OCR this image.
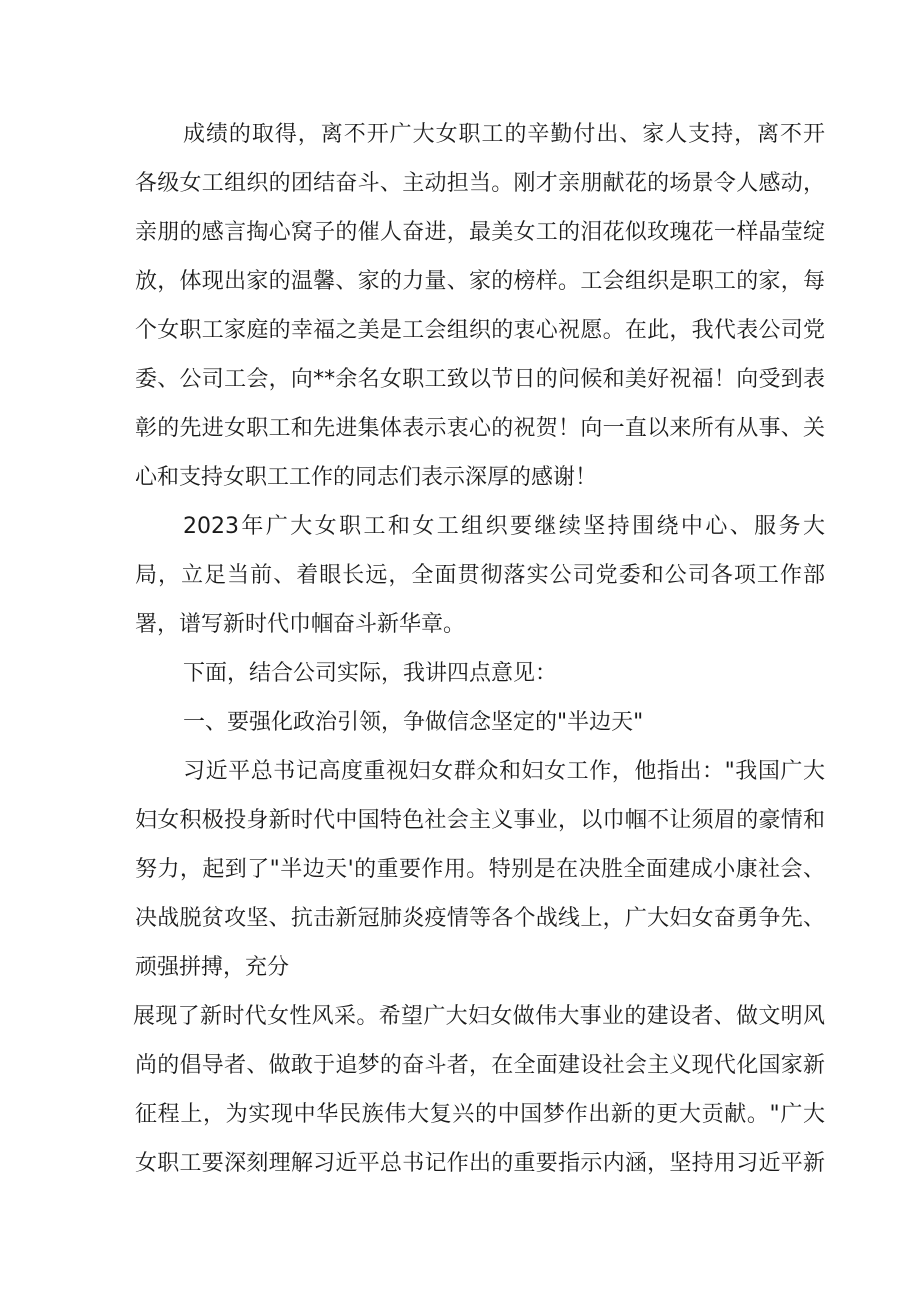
成绩的取得，离不开广大女职工的辛勤付出、家人支持，离不开
各级女工组织的团结奋斗、主动担当。刚才亲朋献花的场景令人感动，
亲朋的感言掏心窝子的催人奋进，最美女工的泪花似玫瑰花一样晶莹绽
放，体现出家的温馨、家的力量、家的榜样。工会组织是职工的家，每
个女职工家庭的幸福之美是工会组织的衷心祝愿。在此，我代表公司党
委、公司工会，向**余名女职工致以节日的问候和美好祝福！向受到表
彰的先进女职工和先进集体表示衷心的祝贺！向一直以来所有从事、关
心和支持女职工工作的同志们表示深厚的感谢！
2023年广大女职工和女工组织要继续坚持围绕中心、服务大
局，立足当前、着眼长远，全面贯彻落实公司党委和公司各项工作部
署，谱写新时代巾帼奋斗新华章。
下面，结合公司实际，我讲四点意见：
一、要强化政治引领，争做信念坚定的"半边天"
习近平总书记高度重视妇女群众和妇女工作，他指出："我国广大
妇女积极投身新时代中国特色社会主义事业，以巾帼不让须眉的豪情和
努力，起到了"半边天'的重要作用。特别是在决胜全面建成小康社会、
决战脱贫攻坚、抗击新冠肺炎疫情等各个战线上，广大妇女奋勇争先、
顽强拼搏，充分
展现了新时代女性风采。希望广大妇女做伟大事业的建设者、做文明风
尚的倡导者、做敢于追梦的奋斗者，在全面建设社会主义现代化国家新
征程上，为实现中华民族伟大复兴的中国梦作出新的更大贡献。"广大
女职工要深刻理解习近平总书记作出的重要指示内涵，坚持用习近平新
